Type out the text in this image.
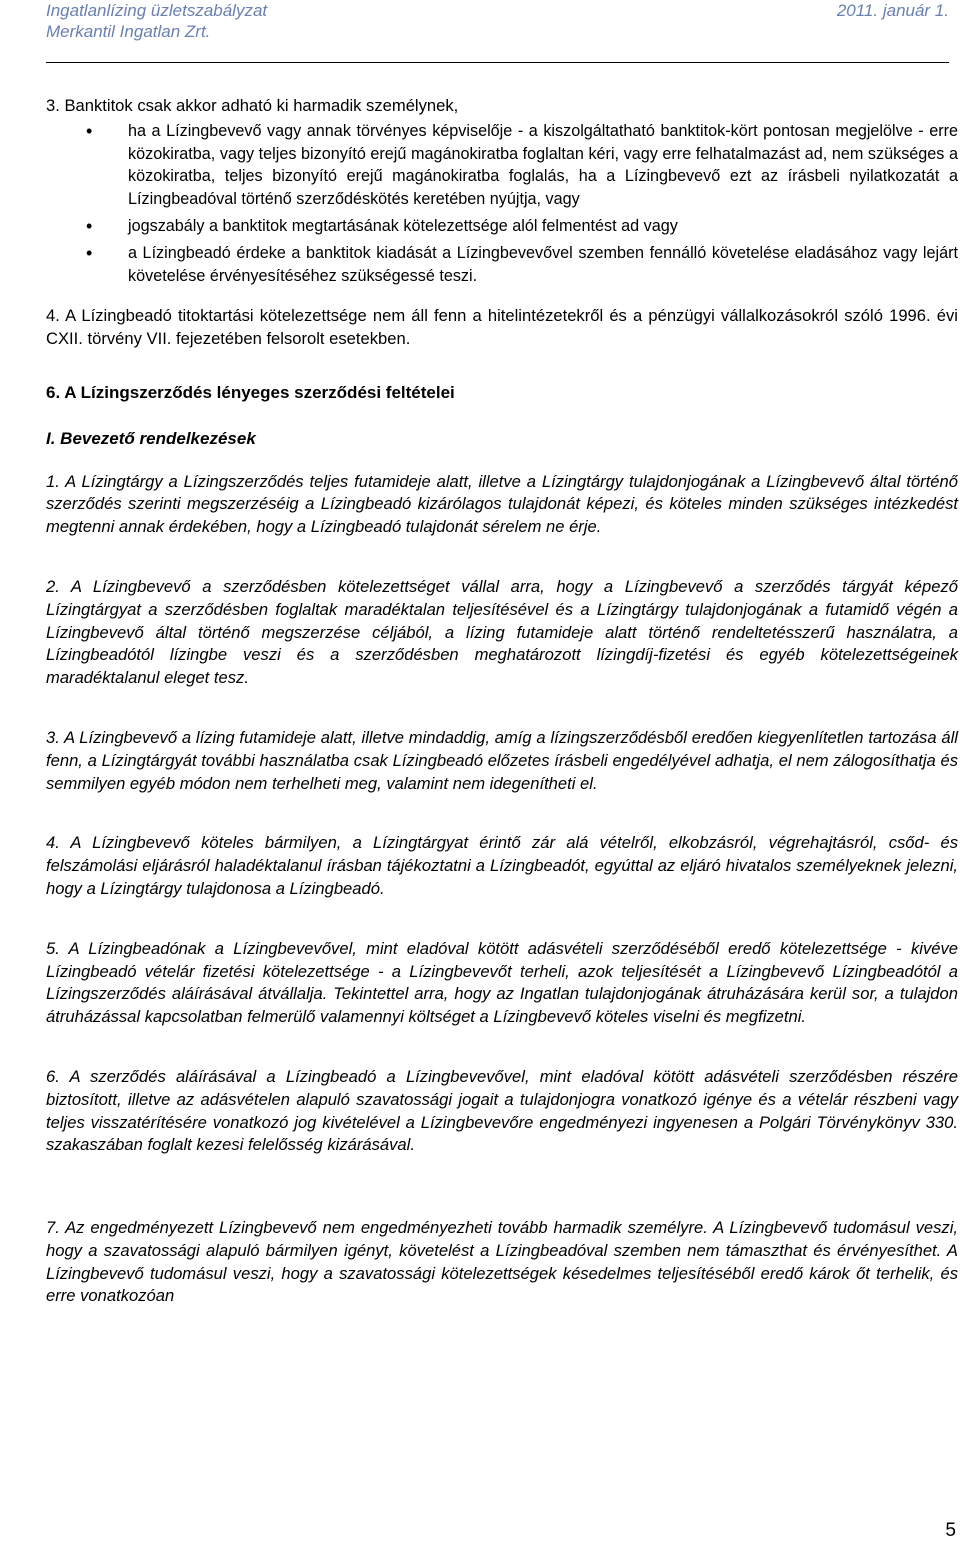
Ingatlanlízing üzletszabályzat	2011. január 1.
Merkantil Ingatlan Zrt.

3. Banktitok csak akkor adható ki harmadik személynek,

• ha a Lízingbevevő vagy annak törvényes képviselője - a kiszolgáltatható banktitok-kört pontosan megjelölve - erre közokiratba, vagy teljes bizonyító erejű magánokiratba foglaltan kéri, vagy erre felhatalmazást ad, nem szükséges a közokiratba, teljes bizonyító erejű magánokiratba foglalás, ha a Lízingbevevő ezt az írásbeli nyilatkozatát a Lízingbeadóval történő szerződéskötés keretében nyújtja, vagy
• jogszabály a banktitok megtartásának kötelezettsége alól felmentést ad vagy
• a Lízingbeadó érdeke a banktitok kiadását a Lízingbevevővel szemben fennálló követelése eladásához vagy lejárt követelése érvényesítéséhez szükségessé teszi.

4. A Lízingbeadó titoktartási kötelezettsége nem áll fenn a hitelintézetekről és a pénzügyi vállalkozásokról szóló 1996. évi CXII. törvény VII. fejezetében felsorolt esetekben.

6. A Lízingszerződés lényeges szerződési feltételei

I. Bevezető rendelkezések

1. A Lízingtárgy a Lízingszerződés teljes futamideje alatt, illetve a Lízingtárgy tulajdonjogának a Lízingbevevő által történő szerződés szerinti megszerzéséig a Lízingbeadó kizárólagos tulajdonát képezi, és köteles minden szükséges intézkedést megtenni annak érdekében, hogy a Lízingbeadó tulajdonát sérelem ne érje.

2. A Lízingbevevő a szerződésben kötelezettséget vállal arra, hogy a Lízingbevevő a szerződés tárgyát képező Lízingtárgyat a szerződésben foglaltak maradéktalan teljesítésével és a Lízingtárgy tulajdonjogának a futamidő végén a Lízingbevevő által történő megszerzése céljából, a lízing futamideje alatt történő rendeltetésszerű használatra, a Lízingbeadótól lízingbe veszi és a szerződésben meghatározott lízingdíj-fizetési és egyéb kötelezettségeinek maradéktalanul eleget tesz.

3. A Lízingbevevő a lízing futamideje alatt, illetve mindaddig, amíg a lízingszerződésből eredően kiegyenlítetlen tartozása áll fenn, a Lízingtárgyát további használatba csak Lízingbeadó előzetes írásbeli engedélyével adhatja, el nem zálogosíthatja és semmilyen egyéb módon nem terhelheti meg, valamint nem idegenítheti el.

4. A Lízingbevevő köteles bármilyen, a Lízingtárgyat érintő zár alá vételről, elkobzásról, végrehajtásról, csőd- és felszámolási eljárásról haladéktalanul írásban tájékoztatni a Lízingbeadót, egyúttal az eljáró hivatalos személyeknek jelezni, hogy a Lízingtárgy tulajdonosa a Lízingbeadó.

5. A Lízingbeadónak a Lízingbevevővel, mint eladóval kötött adásvételi szerződéséből eredő kötelezettsége - kivéve Lízingbeadó vételár fizetési kötelezettsége - a Lízingbevevőt terheli, azok teljesítését a Lízingbevevő Lízingbeadótól a Lízingszerződés aláírásával átvállalja. Tekintettel arra, hogy az Ingatlan tulajdonjogának átruházására kerül sor, a tulajdon átruházással kapcsolatban felmerülő valamennyi költséget a Lízingbevevő köteles viselni és megfizetni.

6. A szerződés aláírásával a Lízingbeadó a Lízingbevevővel, mint eladóval kötött adásvételi szerződésben részére biztosított, illetve az adásvételen alapuló szavatossági jogait a tulajdonjogra vonatkozó igénye és a vételár részbeni vagy teljes visszatérítésére vonatkozó jog kivételével a Lízingbevevőre engedményezi ingyenesen a Polgári Törvénykönyv 330. szakaszában foglalt kezesi felelősség kizárásával.

7. Az engedményezett Lízingbevevő nem engedményezheti tovább harmadik személyre. A Lízingbevevő tudomásul veszi, hogy a szavatossági alapuló bármilyen igényt, követelést a Lízingbeadóval szemben nem támaszthat és érvényesíthet. A Lízingbevevő tudomásul veszi, hogy a szavatossági kötelezettségek késedelmes teljesítéséből eredő károk őt terhelik, és erre vonatkozóan

5
